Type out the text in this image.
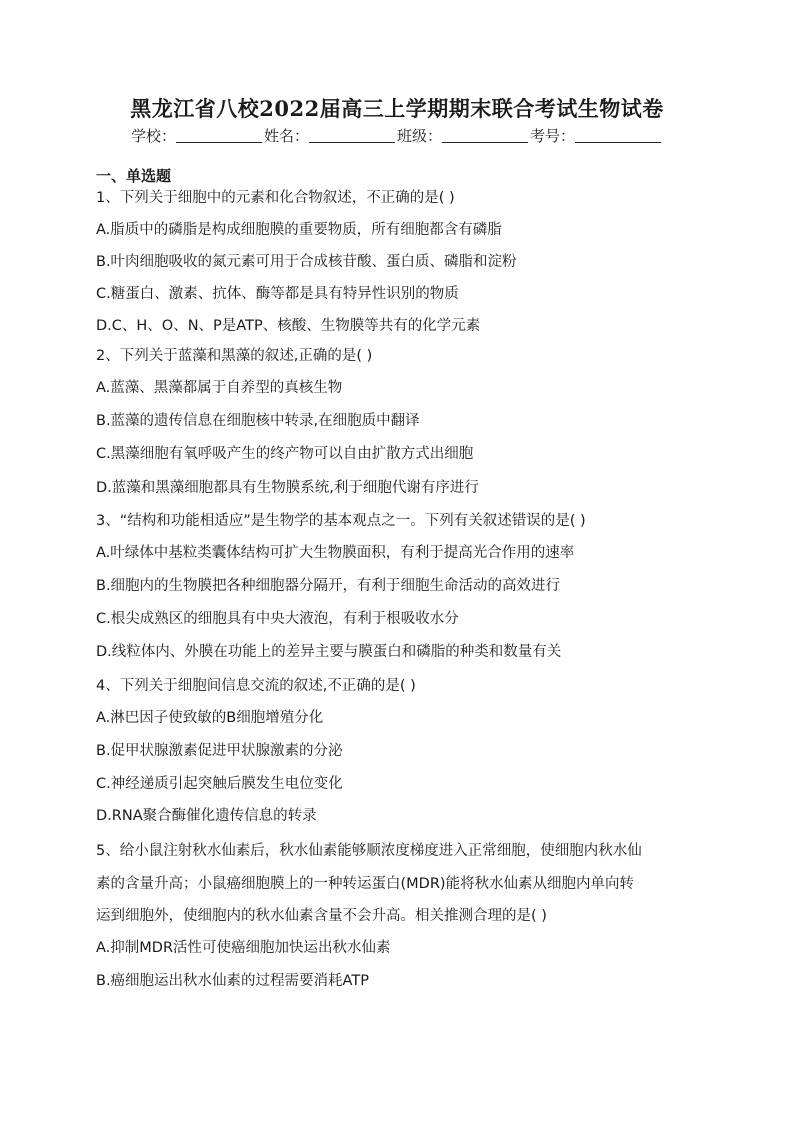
黑龙江省八校2022届高三上学期期末联合考试生物试卷
学校：	姓名：	班级：	考号：
一、单选题
1、下列关于细胞中的元素和化合物叙述，不正确的是( )
A.脂质中的磷脂是构成细胞膜的重要物质，所有细胞都含有磷脂
B.叶肉细胞吸收的氮元素可用于合成核苷酸、蛋白质、磷脂和淀粉
C.糖蛋白、激素、抗体、酶等都是具有特异性识别的物质
D.C、H、O、N、P是ATP、核酸、生物膜等共有的化学元素
2、下列关于蓝藻和黑藻的叙述,正确的是( )
A.蓝藻、黑藻都属于自养型的真核生物
B.蓝藻的遗传信息在细胞核中转录,在细胞质中翻译
C.黑藻细胞有氧呼吸产生的终产物可以自由扩散方式出细胞
D.蓝藻和黑藻细胞都具有生物膜系统,利于细胞代谢有序进行
3、“结构和功能相适应”是生物学的基本观点之一。下列有关叙述错误的是( )
A.叶绿体中基粒类囊体结构可扩大生物膜面积，有利于提高光合作用的速率
B.细胞内的生物膜把各种细胞器分隔开，有利于细胞生命活动的高效进行
C.根尖成熟区的细胞具有中央大液泡，有利于根吸收水分
D.线粒体内、外膜在功能上的差异主要与膜蛋白和磷脂的种类和数量有关
4、下列关于细胞间信息交流的叙述,不正确的是( )
A.淋巴因子使致敏的B细胞增殖分化
B.促甲状腺激素促进甲状腺激素的分泌
C.神经递质引起突触后膜发生电位变化
D.RNA聚合酶催化遗传信息的转录
5、给小鼠注射秋水仙素后，秋水仙素能够顺浓度梯度进入正常细胞，使细胞内秋水仙
素的含量升高；小鼠癌细胞膜上的一种转运蛋白(MDR)能将秋水仙素从细胞内单向转
运到细胞外，使细胞内的秋水仙素含量不会升高。相关推测合理的是( )
A.抑制MDR活性可使癌细胞加快运出秋水仙素
B.癌细胞运出秋水仙素的过程需要消耗ATP
